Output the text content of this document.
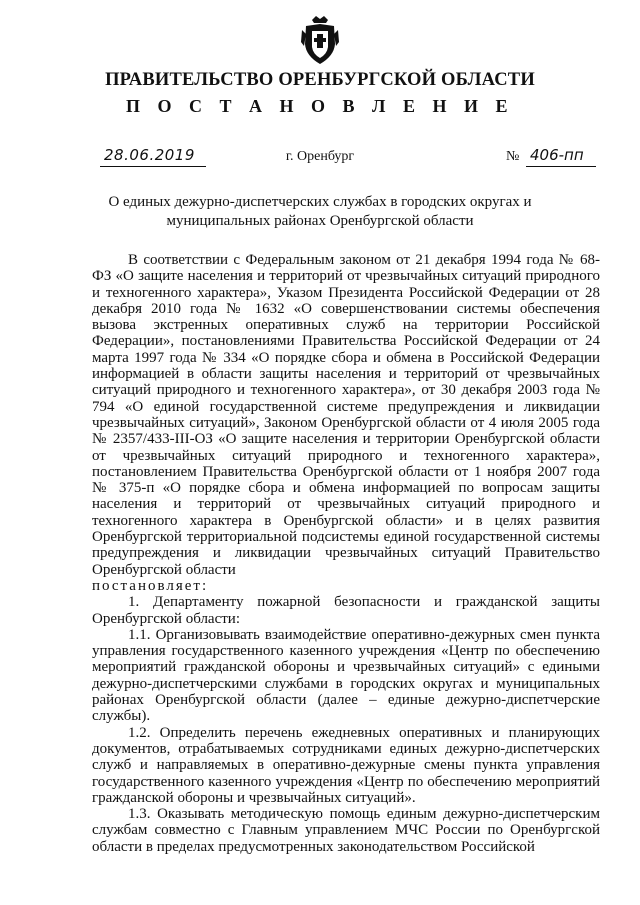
ПРАВИТЕЛЬСТВО ОРЕНБУРГСКОЙ ОБЛАСТИ
П О С Т А Н О В Л Е Н И Е
28.06.2019	г. Оренбург	№ 406-пп
О единых дежурно-диспетчерских службах в городских округах и муниципальных районах Оренбургской области

В соответствии с Федеральным законом от 21 декабря 1994 года № 68-ФЗ «О защите населения и территорий от чрезвычайных ситуаций природного и техногенного характера», Указом Президента Российской Федерации от 28 декабря 2010 года № 1632 «О совершенствовании системы обеспечения вызова экстренных оперативных служб на территории Российской Федерации», постановлениями Правительства Российской Федерации от 24 марта 1997 года № 334 «О порядке сбора и обмена в Российской Федерации информацией в области защиты населения и территорий от чрезвычайных ситуаций природного и техногенного характера», от 30 декабря 2003 года № 794 «О единой государственной системе предупреждения и ликвидации чрезвычайных ситуаций», Законом Оренбургской области от 4 июля 2005 года № 2357/433-III-ОЗ «О защите населения и территории Оренбургской области от чрезвычайных ситуаций природного и техногенного характера», постановлением Правительства Оренбургской области от 1 ноября 2007 года № 375-п «О порядке сбора и обмена информацией по вопросам защиты населения и территорий от чрезвычайных ситуаций природного и техногенного характера в Оренбургской области» и в целях развития Оренбургской территориальной подсистемы единой государственной системы предупреждения и ликвидации чрезвычайных ситуаций Правительство Оренбургской области

постановляет:

1. Департаменту пожарной безопасности и гражданской защиты Оренбургской области:

1.1. Организовывать взаимодействие оперативно-дежурных смен пункта управления государственного казенного учреждения «Центр по обеспечению мероприятий гражданской обороны и чрезвычайных ситуаций» с едиными дежурно-диспетчерскими службами в городских округах и муниципальных районах Оренбургской области (далее – единые дежурно-диспетчерские службы).

1.2. Определить перечень ежедневных оперативных и планирующих документов, отрабатываемых сотрудниками единых дежурно-диспетчерских служб и направляемых в оперативно-дежурные смены пункта управления государственного казенного учреждения «Центр по обеспечению мероприятий гражданской обороны и чрезвычайных ситуаций».

1.3. Оказывать методическую помощь единым дежурно-диспетчерским службам совместно с Главным управлением МЧС России по Оренбургской области в пределах предусмотренных законодательством Российской
